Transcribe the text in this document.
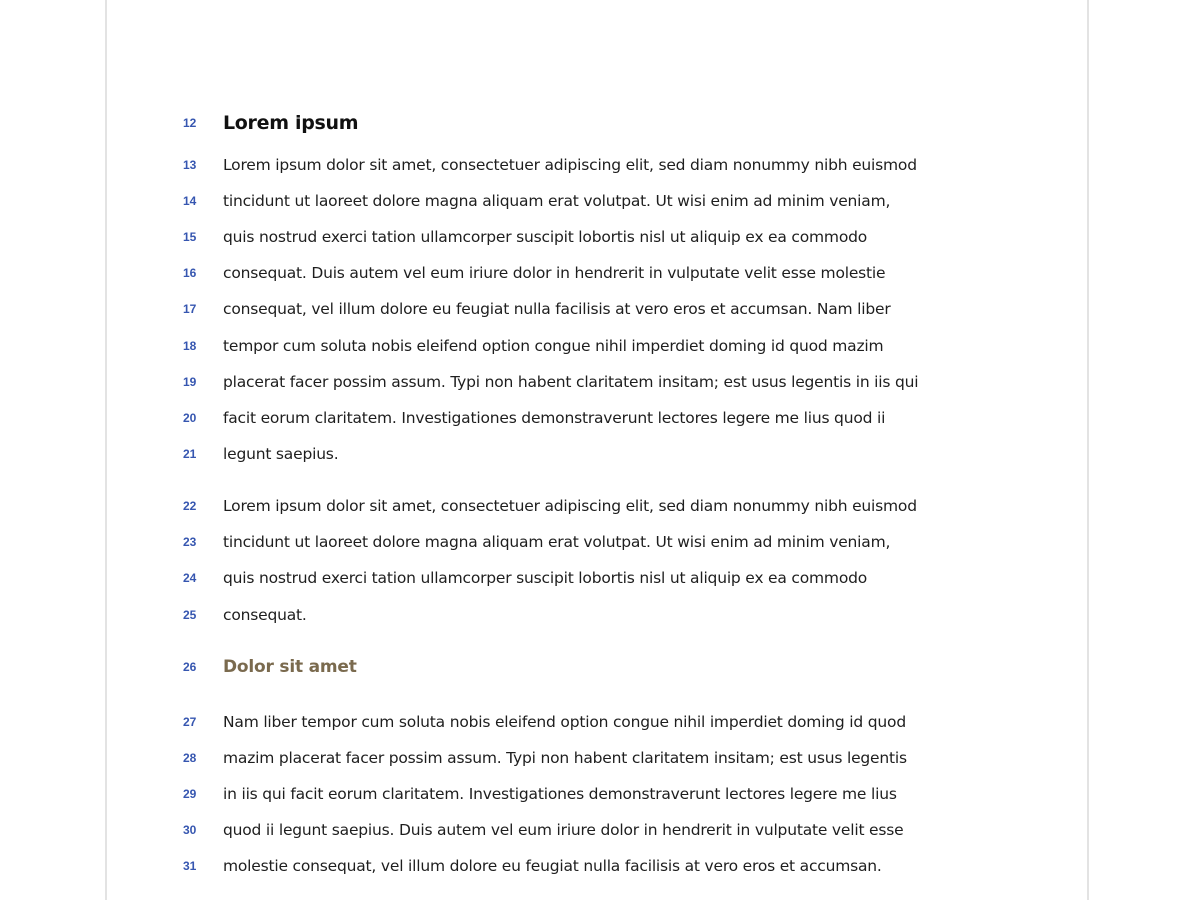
12	Lorem ipsum
13	Lorem ipsum dolor sit amet, consectetuer adipiscing elit, sed diam nonummy nibh euismod
14	tincidunt ut laoreet dolore magna aliquam erat volutpat. Ut wisi enim ad minim veniam,
15	quis nostrud exerci tation ullamcorper suscipit lobortis nisl ut aliquip ex ea commodo
16	consequat. Duis autem vel eum iriure dolor in hendrerit in vulputate velit esse molestie
17	consequat, vel illum dolore eu feugiat nulla facilisis at vero eros et accumsan. Nam liber
18	tempor cum soluta nobis eleifend option congue nihil imperdiet doming id quod mazim
19	placerat facer possim assum. Typi non habent claritatem insitam; est usus legentis in iis qui
20	facit eorum claritatem. Investigationes demonstraverunt lectores legere me lius quod ii
21	legunt saepius.
22	Lorem ipsum dolor sit amet, consectetuer adipiscing elit, sed diam nonummy nibh euismod
23	tincidunt ut laoreet dolore magna aliquam erat volutpat. Ut wisi enim ad minim veniam,
24	quis nostrud exerci tation ullamcorper suscipit lobortis nisl ut aliquip ex ea commodo
25	consequat.
26	Dolor sit amet
27	Nam liber tempor cum soluta nobis eleifend option congue nihil imperdiet doming id quod
28	mazim placerat facer possim assum. Typi non habent claritatem insitam; est usus legentis
29	in iis qui facit eorum claritatem. Investigationes demonstraverunt lectores legere me lius
30	quod ii legunt saepius. Duis autem vel eum iriure dolor in hendrerit in vulputate velit esse
31	molestie consequat, vel illum dolore eu feugiat nulla facilisis at vero eros et accumsan.
